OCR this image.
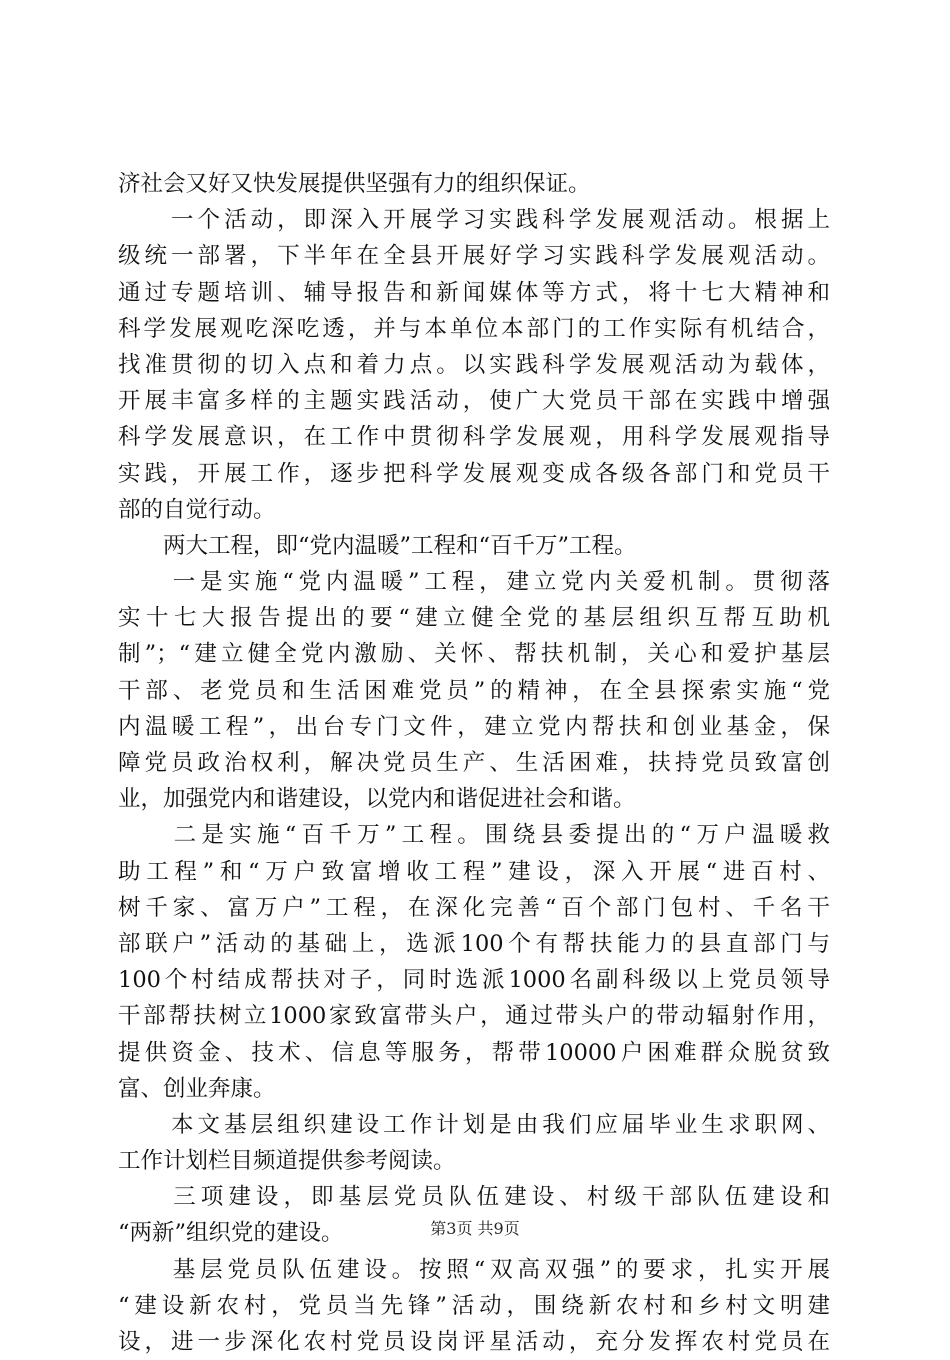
济社会又好又快发展提供坚强有力的组织保证。
　　一个活动，即深入开展学习实践科学发展观活动。根据上
级统一部署，下半年在全县开展好学习实践科学发展观活动。
通过专题培训、辅导报告和新闻媒体等方式，将十七大精神和
科学发展观吃深吃透，并与本单位本部门的工作实际有机结合，
找准贯彻的切入点和着力点。以实践科学发展观活动为载体，
开展丰富多样的主题实践活动，使广大党员干部在实践中增强
科学发展意识，在工作中贯彻科学发展观，用科学发展观指导
实践，开展工作，逐步把科学发展观变成各级各部门和党员干
部的自觉行动。
　　两大工程，即“党内温暖”工程和“百千万”工程。
　　一是实施“党内温暖”工程，建立党内关爱机制。贯彻落
实十七大报告提出的要“建立健全党的基层组织互帮互助机
制”；“建立健全党内激励、关怀、帮扶机制，关心和爱护基层
干部、老党员和生活困难党员”的精神，在全县探索实施“党
内温暖工程”，出台专门文件，建立党内帮扶和创业基金，保
障党员政治权利，解决党员生产、生活困难，扶持党员致富创
业，加强党内和谐建设，以党内和谐促进社会和谐。
　　二是实施“百千万”工程。围绕县委提出的“万户温暖救
助工程”和“万户致富增收工程”建设，深入开展“进百村、
树千家、富万户”工程，在深化完善“百个部门包村、千名干
部联户”活动的基础上，选派100个有帮扶能力的县直部门与
100个村结成帮扶对子，同时选派1000名副科级以上党员领导
干部帮扶树立1000家致富带头户，通过带头户的带动辐射作用，
提供资金、技术、信息等服务，帮带10000户困难群众脱贫致
富、创业奔康。
　　本文基层组织建设工作计划是由我们应届毕业生求职网、
工作计划栏目频道提供参考阅读。
　　三项建设，即基层党员队伍建设、村级干部队伍建设和
“两新”组织党的建设。
　　基层党员队伍建设。按照“双高双强”的要求，扎实开展
“建设新农村，党员当先锋”活动，围绕新农村和乡村文明建
设，进一步深化农村党员设岗评星活动，充分发挥农村党员在
第3页 共9页
